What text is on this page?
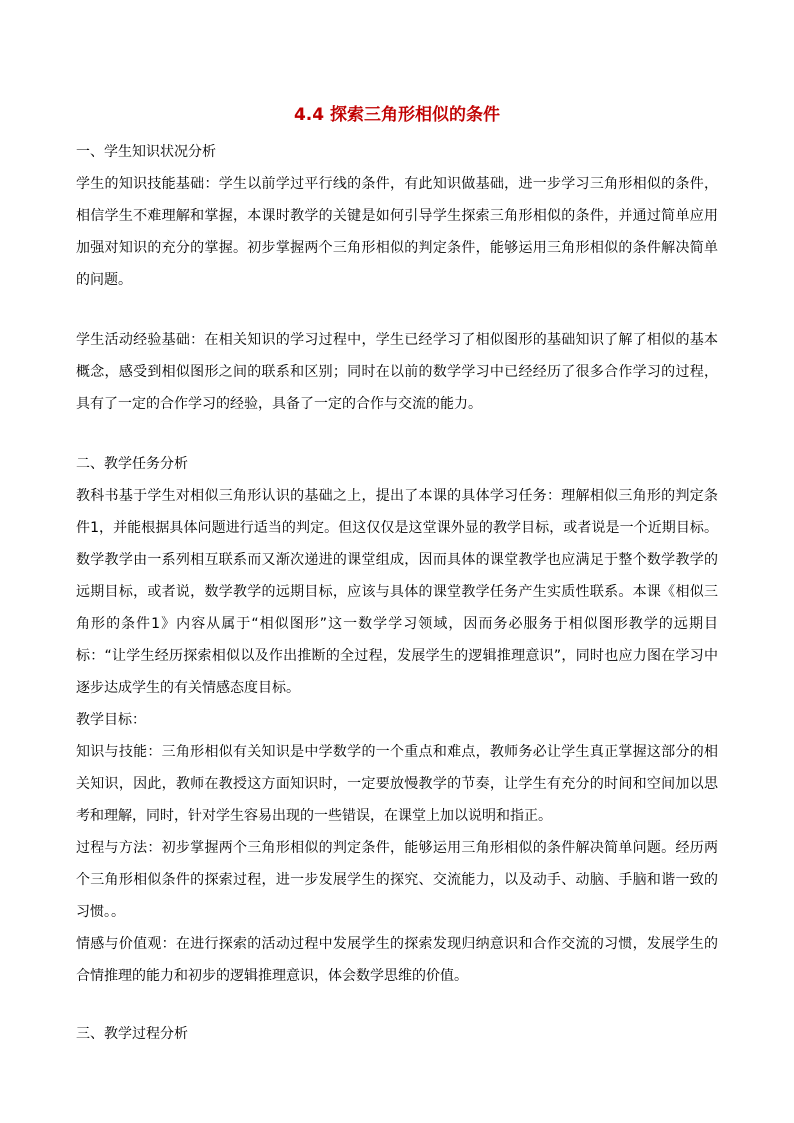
4.4 探索三角形相似的条件

一、学生知识状况分析

学生的知识技能基础：学生以前学过平行线的条件，有此知识做基础，进一步学习三角形相似的条件，相信学生不难理解和掌握，本课时教学的关键是如何引导学生探索三角形相似的条件，并通过简单应用加强对知识的充分的掌握。初步掌握两个三角形相似的判定条件，能够运用三角形相似的条件解决简单的问题。

学生活动经验基础：在相关知识的学习过程中，学生已经学习了相似图形的基础知识了解了相似的基本概念，感受到相似图形之间的联系和区别；同时在以前的数学学习中已经经历了很多合作学习的过程，具有了一定的合作学习的经验，具备了一定的合作与交流的能力。

二、教学任务分析

教科书基于学生对相似三角形认识的基础之上，提出了本课的具体学习任务：理解相似三角形的判定条件1，并能根据具体问题进行适当的判定。但这仅仅是这堂课外显的教学目标，或者说是一个近期目标。数学教学由一系列相互联系而又渐次递进的课堂组成，因而具体的课堂教学也应满足于整个数学教学的远期目标，或者说，数学教学的远期目标，应该与具体的课堂教学任务产生实质性联系。本课《相似三角形的条件1》内容从属于“相似图形”这一数学学习领域，因而务必服务于相似图形教学的远期目标：“让学生经历探索相似以及作出推断的全过程，发展学生的逻辑推理意识”，同时也应力图在学习中逐步达成学生的有关情感态度目标。

教学目标：

知识与技能：三角形相似有关知识是中学数学的一个重点和难点，教师务必让学生真正掌握这部分的相关知识，因此，教师在教授这方面知识时，一定要放慢教学的节奏，让学生有充分的时间和空间加以思考和理解，同时，针对学生容易出现的一些错误，在课堂上加以说明和指正。

过程与方法：初步掌握两个三角形相似的判定条件，能够运用三角形相似的条件解决简单问题。经历两个三角形相似条件的探索过程，进一步发展学生的探究、交流能力，以及动手、动脑、手脑和谐一致的习惯。。

情感与价值观：在进行探索的活动过程中发展学生的探索发现归纳意识和合作交流的习惯，发展学生的合情推理的能力和初步的逻辑推理意识，体会数学思维的价值。

三、教学过程分析
